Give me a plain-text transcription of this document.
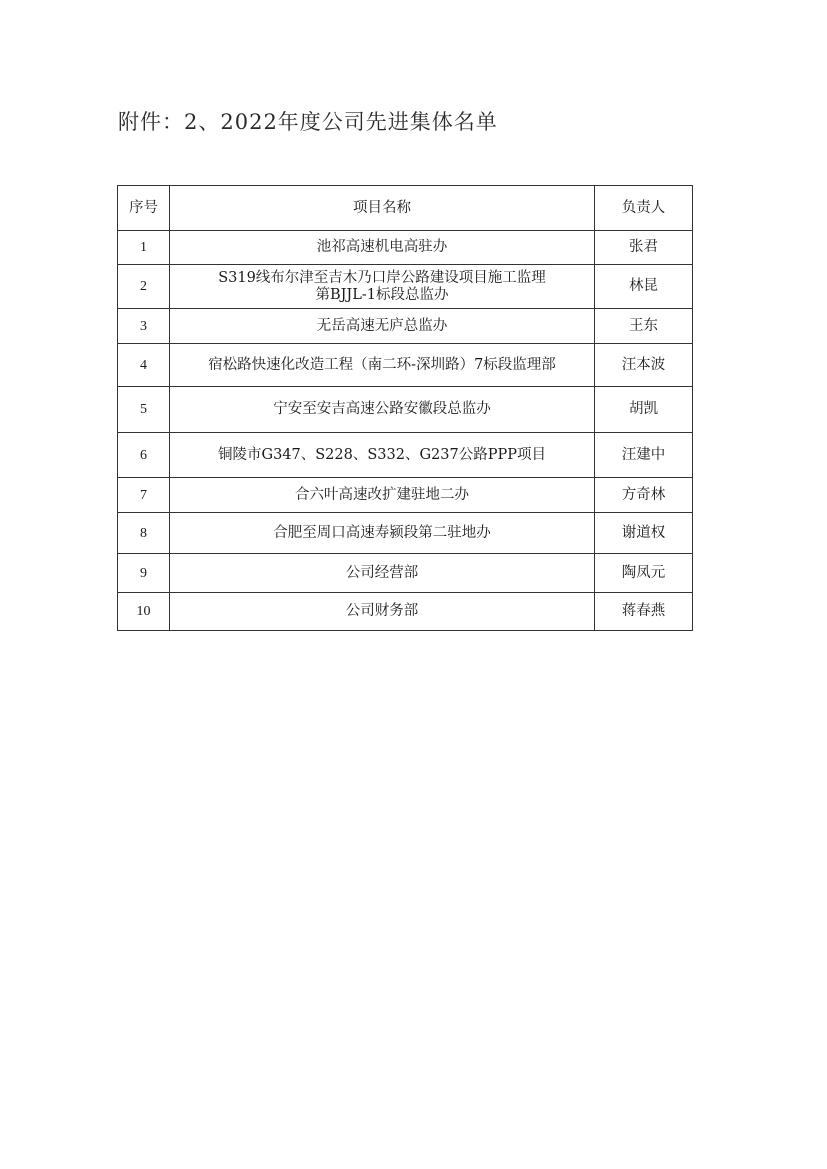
附件：2、2022年度公司先进集体名单
序号	项目名称	负责人
1	池祁高速机电高驻办	张君
2	S319线布尔津至吉木乃口岸公路建设项目施工监理
第BJJL-1标段总监办	林昆
3	无岳高速无庐总监办	王东
4	宿松路快速化改造工程（南二环-深圳路）7标段监理部	汪本波
5	宁安至安吉高速公路安徽段总监办	胡凯
6	铜陵市G347、S228、S332、G237公路PPP项目	汪建中
7	合六叶高速改扩建驻地二办	方奇林
8	合肥至周口高速寿颍段第二驻地办	谢道权
9	公司经营部	陶凤元
10	公司财务部	蒋春燕
